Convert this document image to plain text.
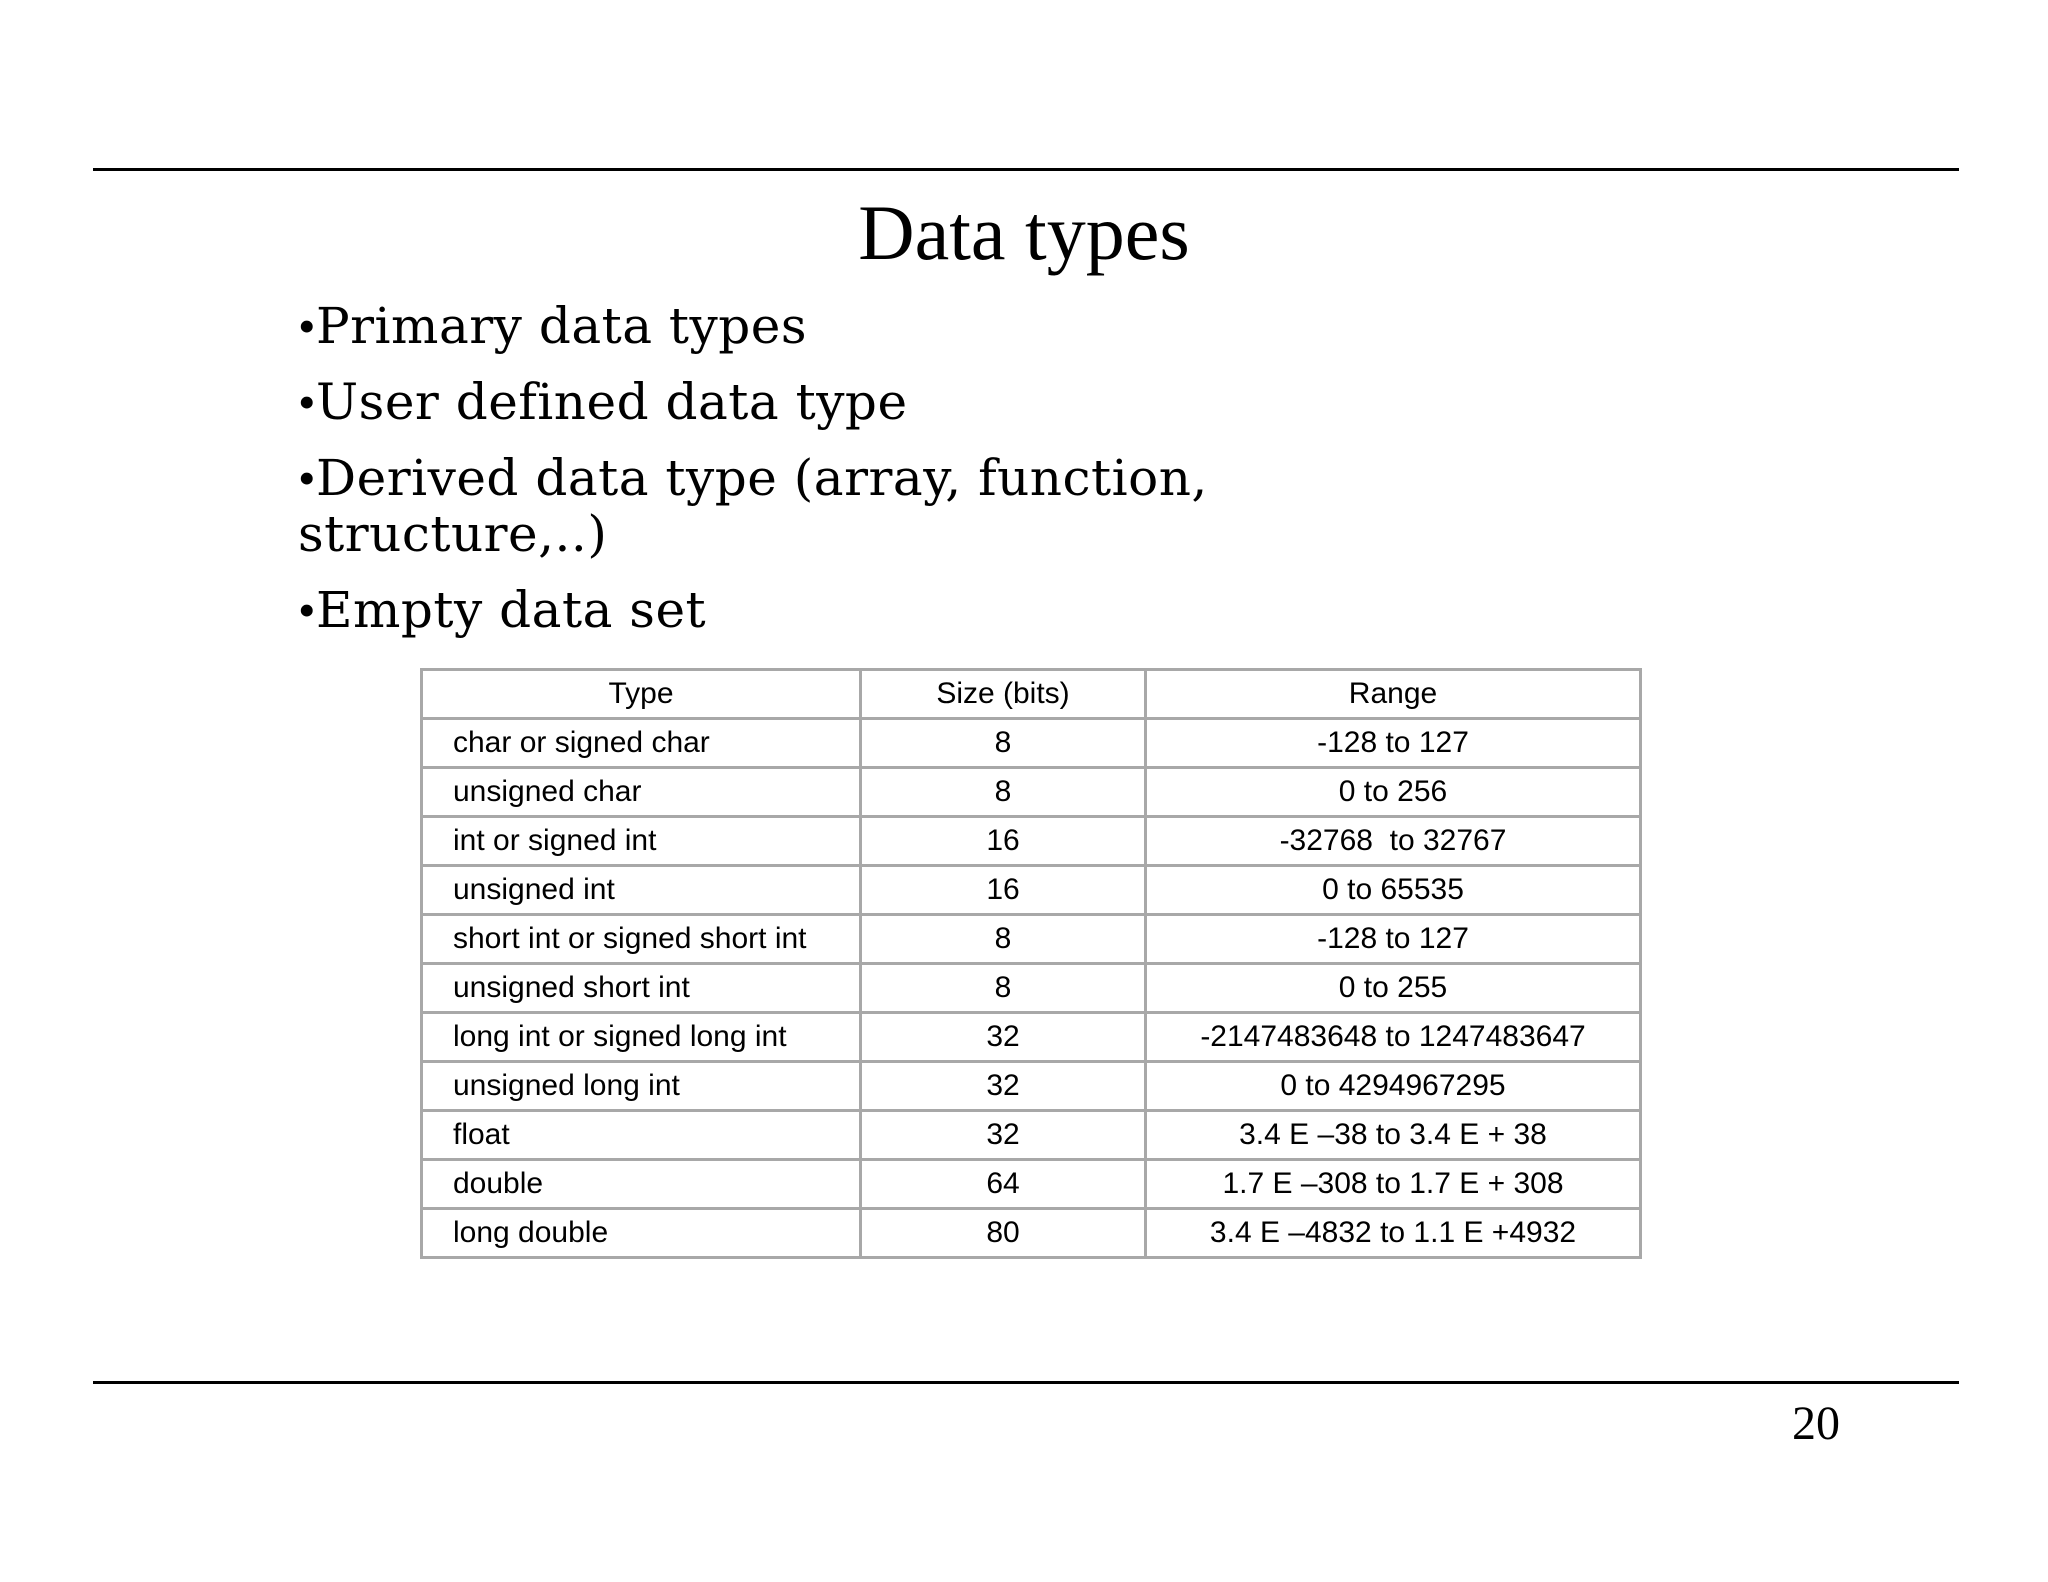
Data types
•Primary data types
•User defined data type
•Derived data type (array, function, structure,..)
•Empty data set
Type	Size (bits)	Range
char or signed char	8	-128 to 127
unsigned char	8	0 to 256
int or signed int	16	-32768  to 32767
unsigned int	16	0 to 65535
short int or signed short int	8	-128 to 127
unsigned short int	8	0 to 255
long int or signed long int	32	-2147483648 to 1247483647
unsigned long int	32	0 to 4294967295
float	32	3.4 E –38 to 3.4 E + 38
double	64	1.7 E –308 to 1.7 E + 308
long double	80	3.4 E –4832 to 1.1 E +4932
20
